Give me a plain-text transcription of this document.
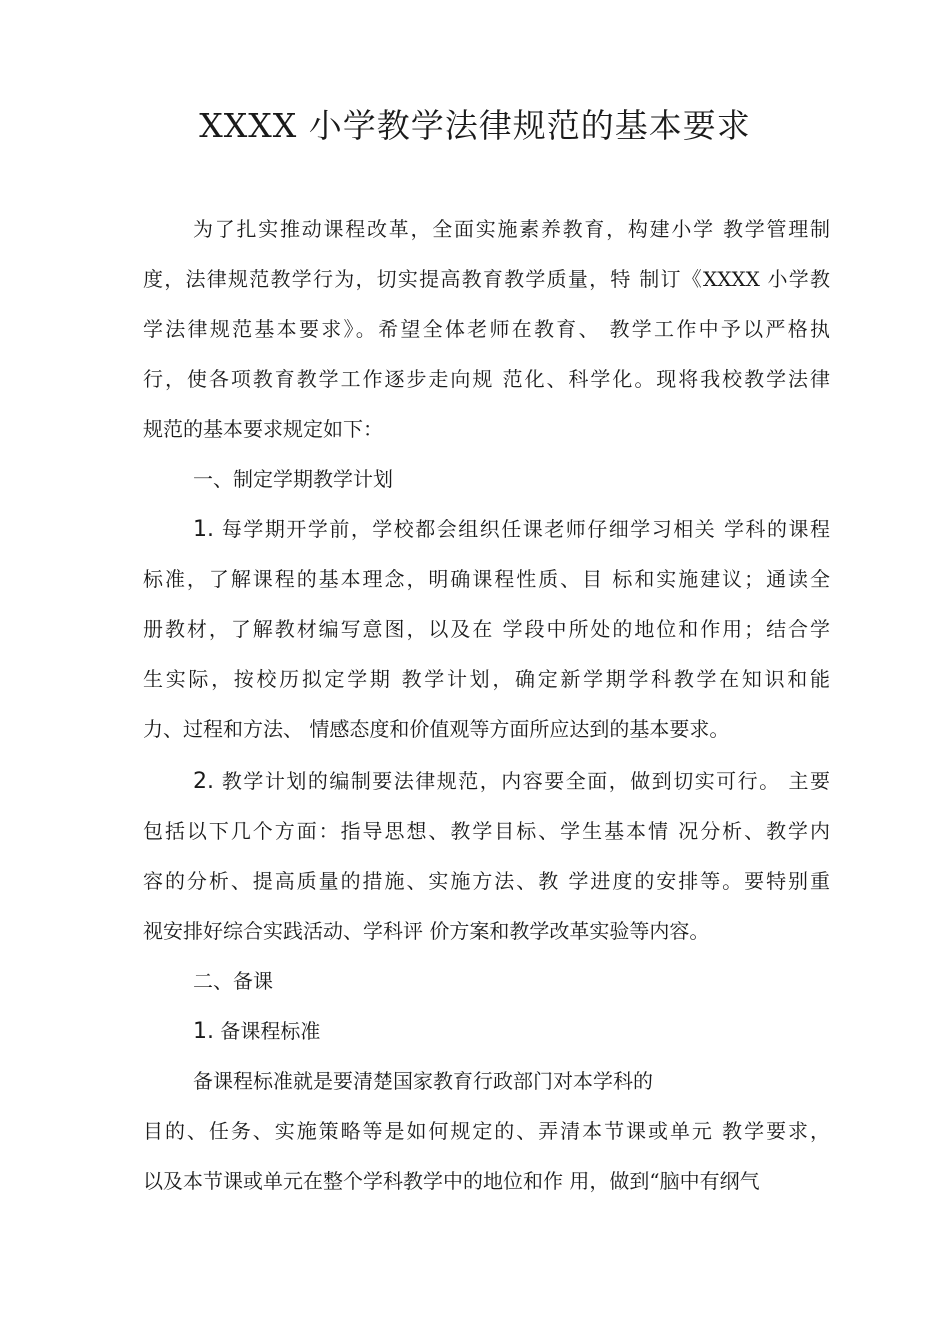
XXXX 小学教学法律规范的基本要求
为了扎实推动课程改革，全面实施素养教育，构建小学 教学管理制
度，法律规范教学行为，切实提高教育教学质量，特 制订《XXXX 小学教
学法律规范基本要求》。希望全体老师在教育、 教学工作中予以严格执
行，使各项教育教学工作逐步走向规 范化、科学化。现将我校教学法律
规范的基本要求规定如下：
一、制定学期教学计划
1. 每学期开学前，学校都会组织任课老师仔细学习相关 学科的课程
标准，了解课程的基本理念，明确课程性质、目 标和实施建议；通读全
册教材，了解教材编写意图，以及在 学段中所处的地位和作用；结合学
生实际，按校历拟定学期 教学计划，确定新学期学科教学在知识和能
力、过程和方法、 情感态度和价值观等方面所应达到的基本要求。
2. 教学计划的编制要法律规范，内容要全面，做到切实可行。 主要
包括以下几个方面：指导思想、教学目标、学生基本情 况分析、教学内
容的分析、提高质量的措施、实施方法、教 学进度的安排等。要特别重
视安排好综合实践活动、学科评 价方案和教学改革实验等内容。
二、备课
1. 备课程标准
备课程标准就是要清楚国家教育行政部门对本学科的
目的、任务、实施策略等是如何规定的、弄清本节课或单元 教学要求，
以及本节课或单元在整个学科教学中的地位和作 用，做到“脑中有纲气
